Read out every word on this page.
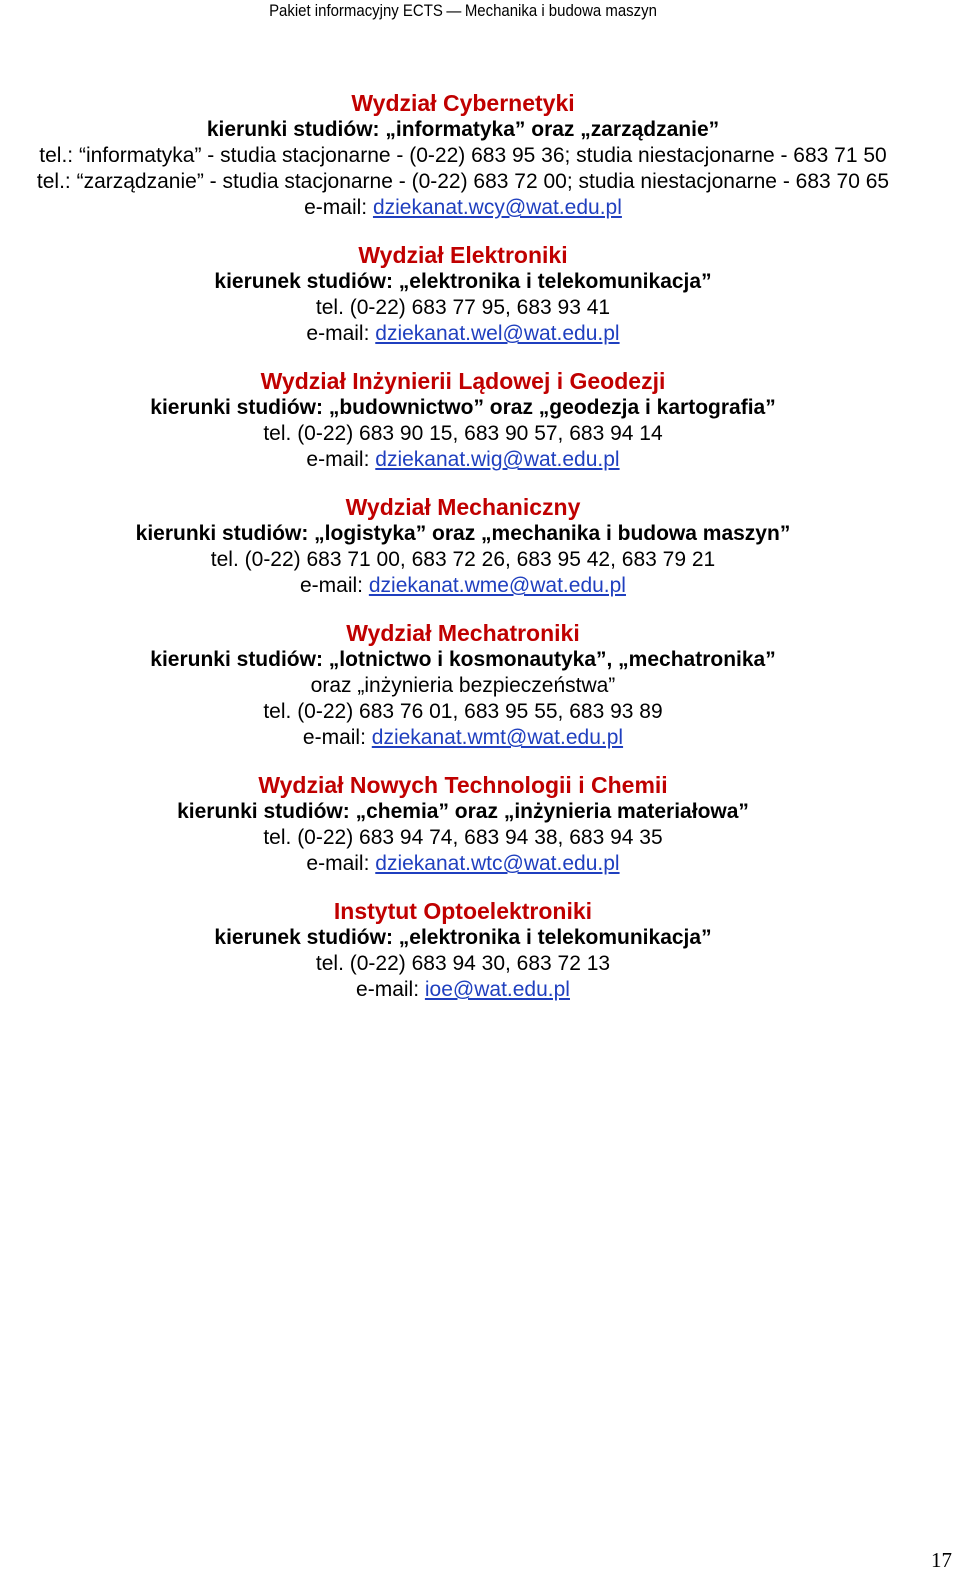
Pakiet informacyjny ECTS — Mechanika i budowa maszyn
Wydział Cybernetyki
kierunki studiów: „informatyka” oraz „zarządzanie”
tel.: “informatyka” - studia stacjonarne - (0-22) 683 95 36; studia niestacjonarne - 683 71 50
tel.: “zarządzanie” - studia stacjonarne - (0-22) 683 72 00; studia niestacjonarne - 683 70 65
e-mail: dziekanat.wcy@wat.edu.pl
Wydział Elektroniki
kierunek studiów: „elektronika i telekomunikacja”
tel. (0-22) 683 77 95, 683 93 41
e-mail: dziekanat.wel@wat.edu.pl
Wydział Inżynierii Lądowej i Geodezji
kierunki studiów: „budownictwo” oraz „geodezja i kartografia”
tel. (0-22) 683 90 15, 683 90 57, 683 94 14
e-mail: dziekanat.wig@wat.edu.pl
Wydział Mechaniczny
kierunki studiów: „logistyka” oraz „mechanika i budowa maszyn”
tel. (0-22) 683 71 00, 683 72 26, 683 95 42, 683 79 21
e-mail: dziekanat.wme@wat.edu.pl
Wydział Mechatroniki
kierunki studiów: „lotnictwo i kosmonautyka”, „mechatronika”
oraz „inżynieria bezpieczeństwa”
tel. (0-22) 683 76 01, 683 95 55, 683 93 89
e-mail: dziekanat.wmt@wat.edu.pl
Wydział Nowych Technologii i Chemii
kierunki studiów: „chemia” oraz „inżynieria materiałowa”
tel. (0-22) 683 94 74, 683 94 38, 683 94 35
e-mail: dziekanat.wtc@wat.edu.pl
Instytut Optoelektroniki
kierunek studiów: „elektronika i telekomunikacja”
tel. (0-22) 683 94 30, 683 72 13
e-mail: ioe@wat.edu.pl
17
